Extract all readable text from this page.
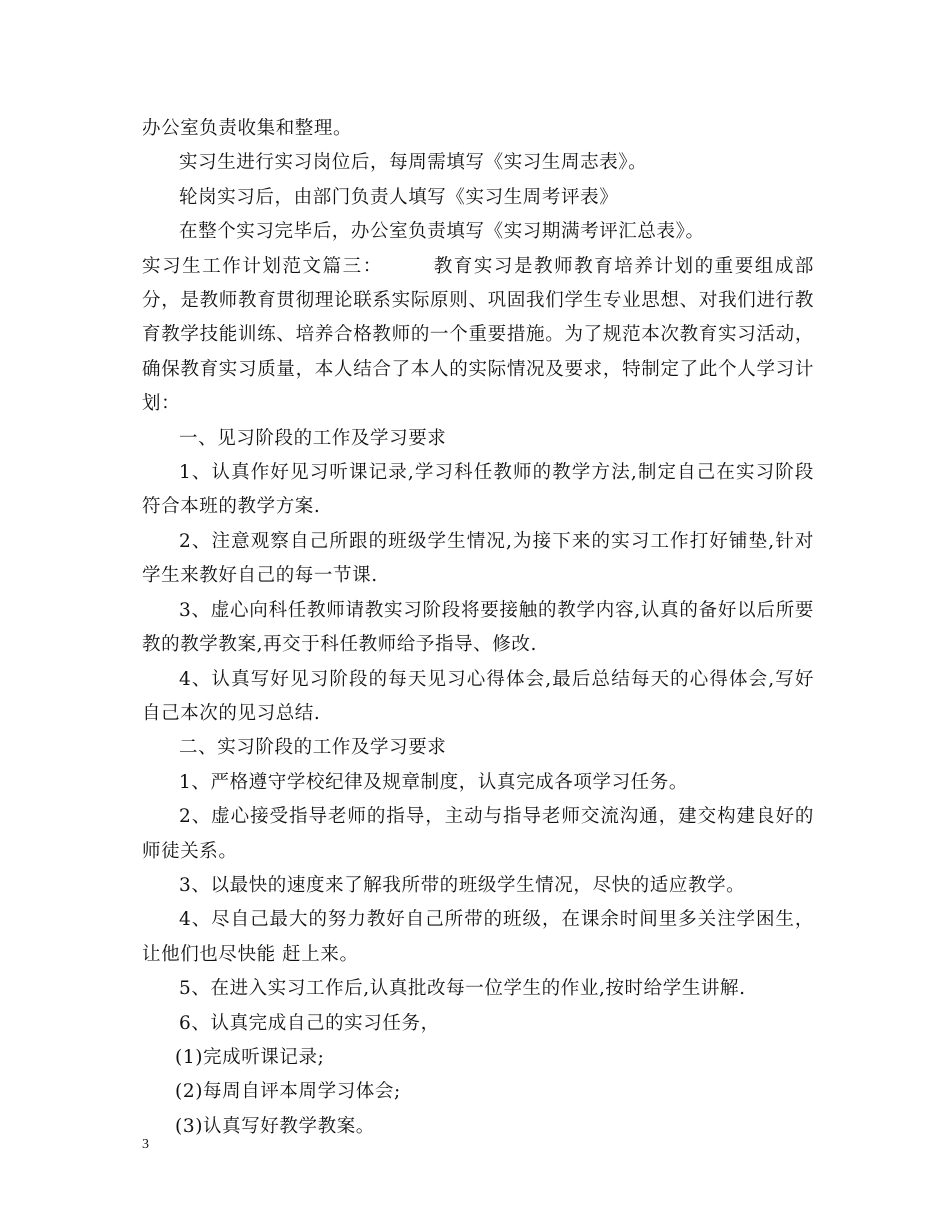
办公室负责收集和整理。

实习生进行实习岗位后，每周需填写《实习生周志表》。

轮岗实习后，由部门负责人填写《实习生周考评表》

在整个实习完毕后，办公室负责填写《实习期满考评汇总表》。

实习生工作计划范文篇三：　　　教育实习是教师教育培养计划的重要组成部分，是教师教育贯彻理论联系实际原则、巩固我们学生专业思想、对我们进行教育教学技能训练、培养合格教师的一个重要措施。为了规范本次教育实习活动，确保教育实习质量，本人结合了本人的实际情况及要求，特制定了此个人学习计划：

一、见习阶段的工作及学习要求

1、认真作好见习听课记录,学习科任教师的教学方法,制定自己在实习阶段符合本班的教学方案.

2、注意观察自己所跟的班级学生情况,为接下来的实习工作打好铺垫,针对学生来教好自己的每一节课.

3、虚心向科任教师请教实习阶段将要接触的教学内容,认真的备好以后所要教的教学教案,再交于科任教师给予指导、修改.

4、认真写好见习阶段的每天见习心得体会,最后总结每天的心得体会,写好自己本次的见习总结.

二、实习阶段的工作及学习要求

1、严格遵守学校纪律及规章制度，认真完成各项学习任务。

2、虚心接受指导老师的指导，主动与指导老师交流沟通，建交构建良好的师徒关系。

3、以最快的速度来了解我所带的班级学生情况，尽快的适应教学。

4、尽自己最大的努力教好自己所带的班级，在课余时间里多关注学困生，让他们也尽快能 赶上来。

5、在进入实习工作后,认真批改每一位学生的作业,按时给学生讲解.

6、认真完成自己的实习任务，

(1)完成听课记录;

(2)每周自评本周学习体会;

(3)认真写好教学教案。

3
